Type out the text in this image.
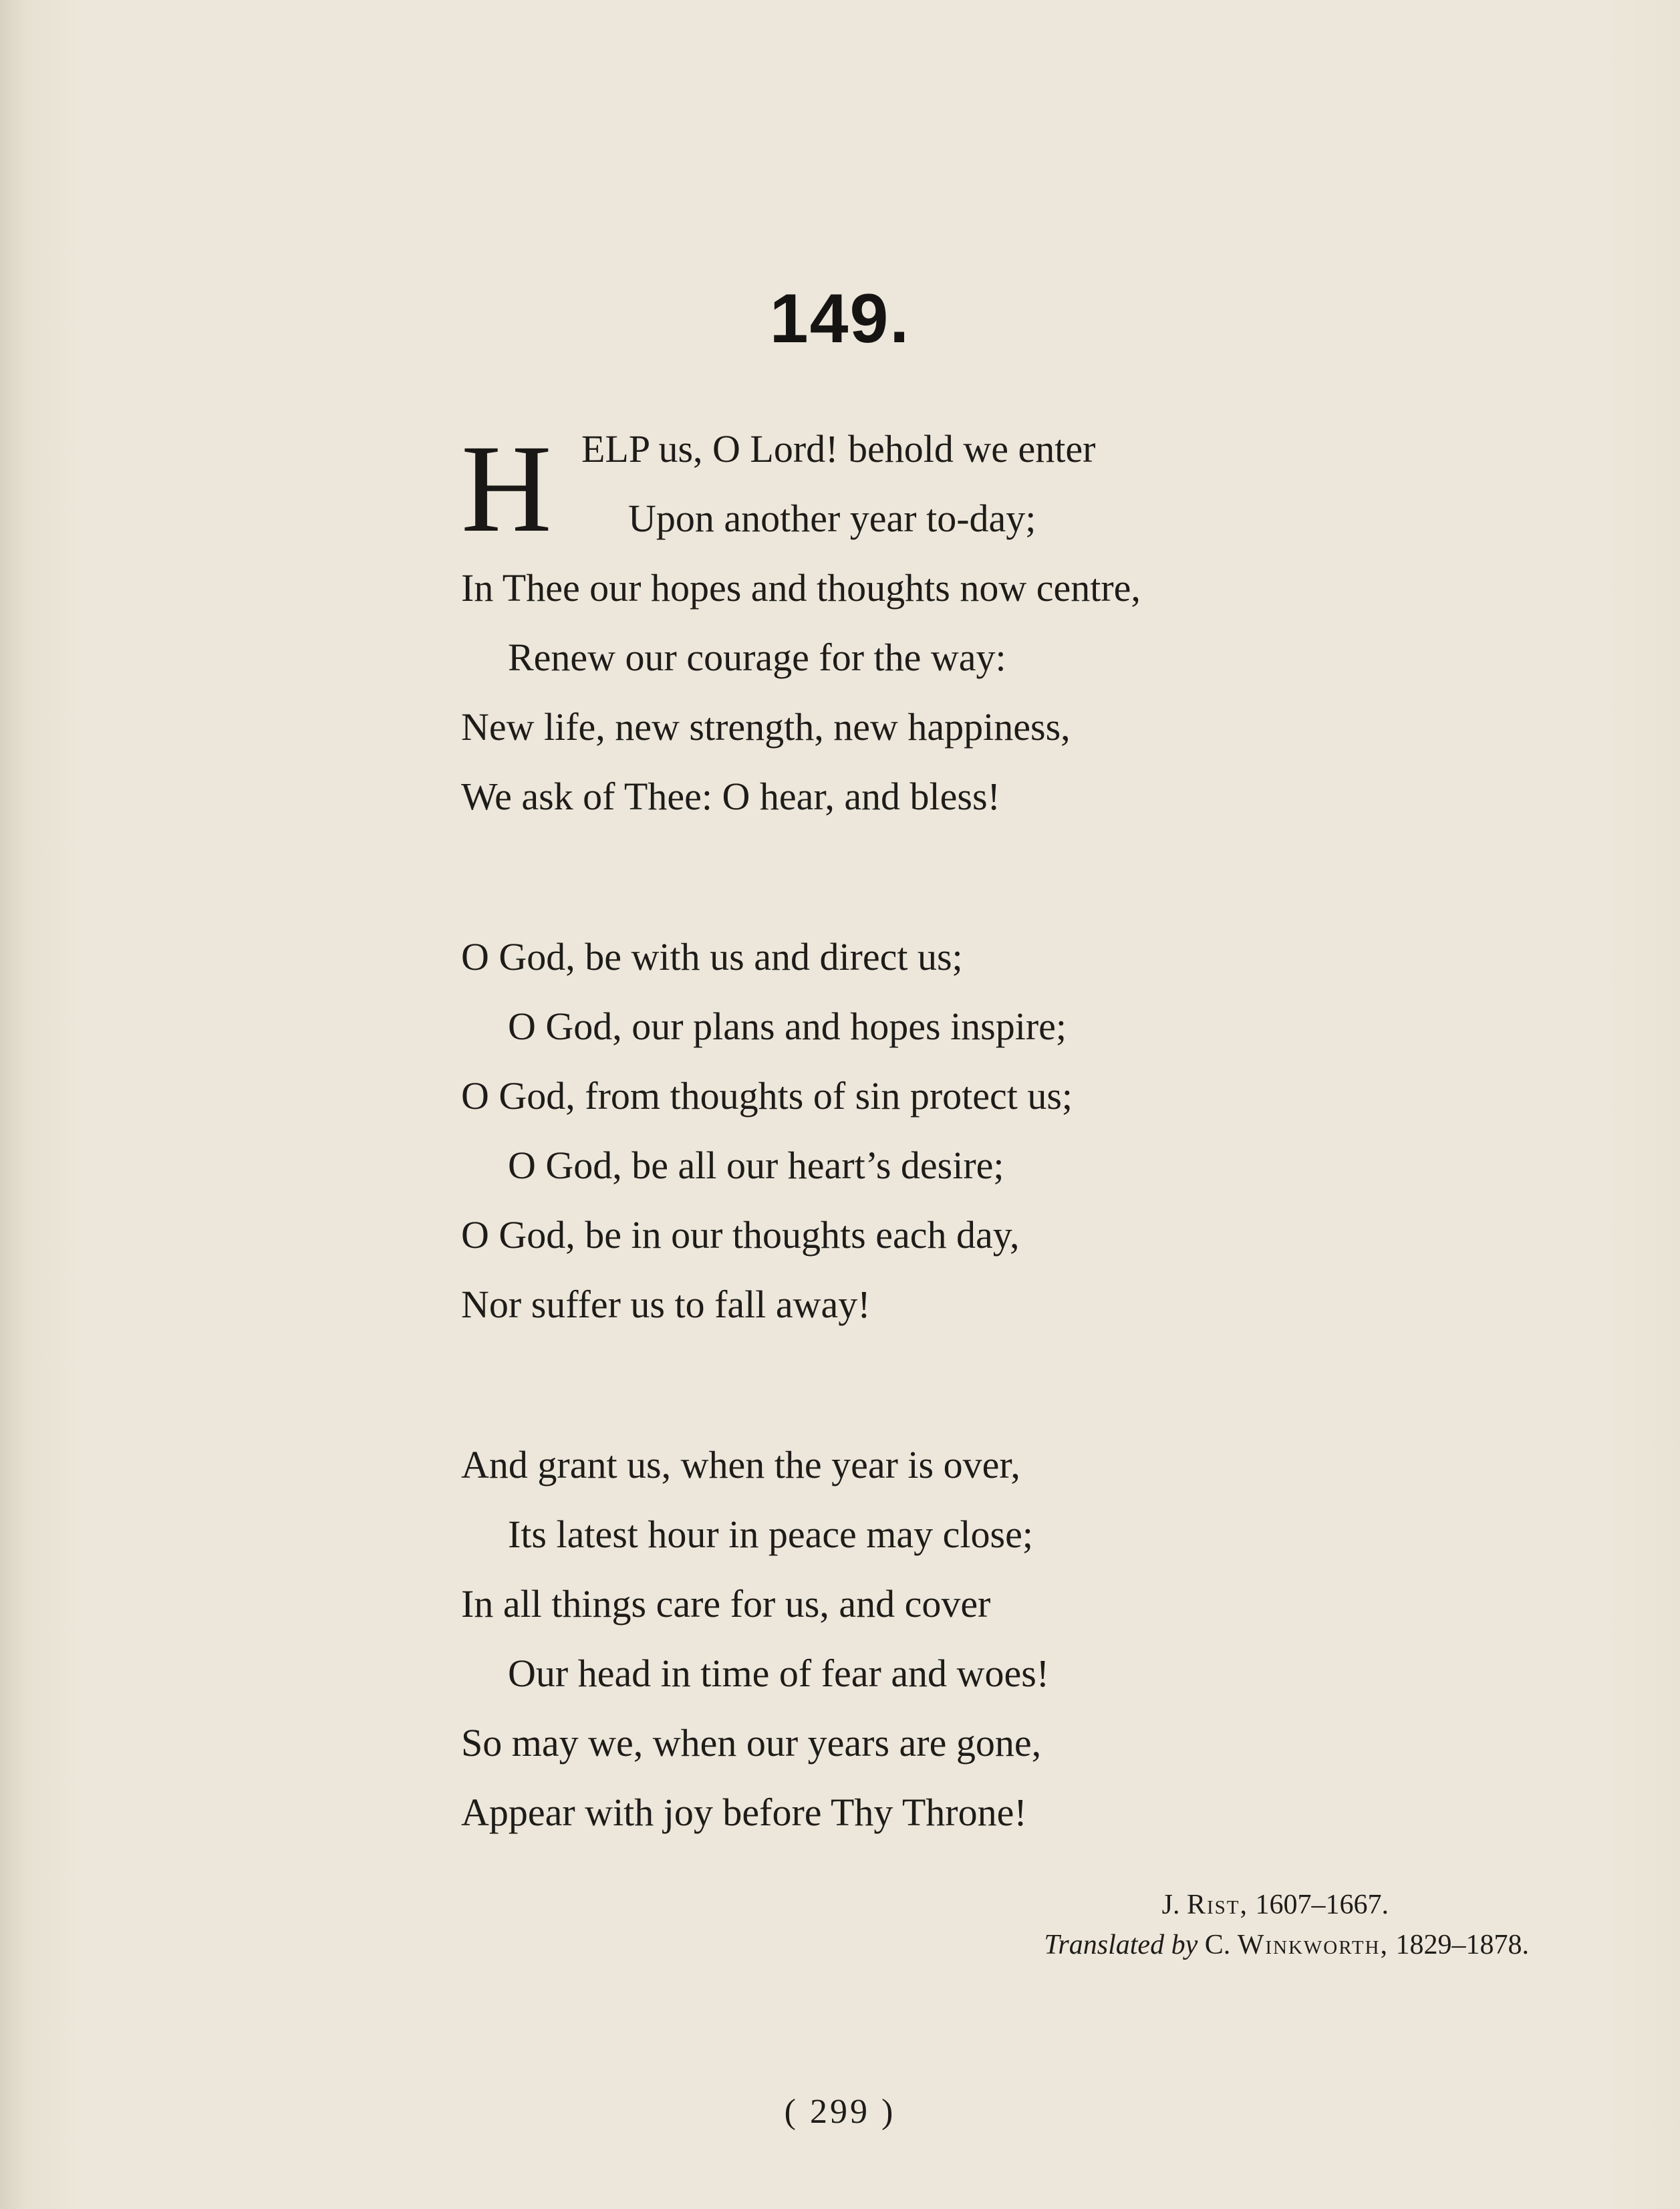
149.
H ELP us, O Lord! behold we enter
Upon another year to-day;
In Thee our hopes and thoughts now centre,
Renew our courage for the way:
New life, new strength, new happiness,
We ask of Thee: O hear, and bless!
O God, be with us and direct us;
O God, our plans and hopes inspire;
O God, from thoughts of sin protect us;
O God, be all our heart’s desire;
O God, be in our thoughts each day,
Nor suffer us to fall away!
And grant us, when the year is over,
Its latest hour in peace may close;
In all things care for us, and cover
Our head in time of fear and woes!
So may we, when our years are gone,
Appear with joy before Thy Throne!
J. Rist, 1607–1667.
Translated by C. Winkworth, 1829–1878.
( 299 )
